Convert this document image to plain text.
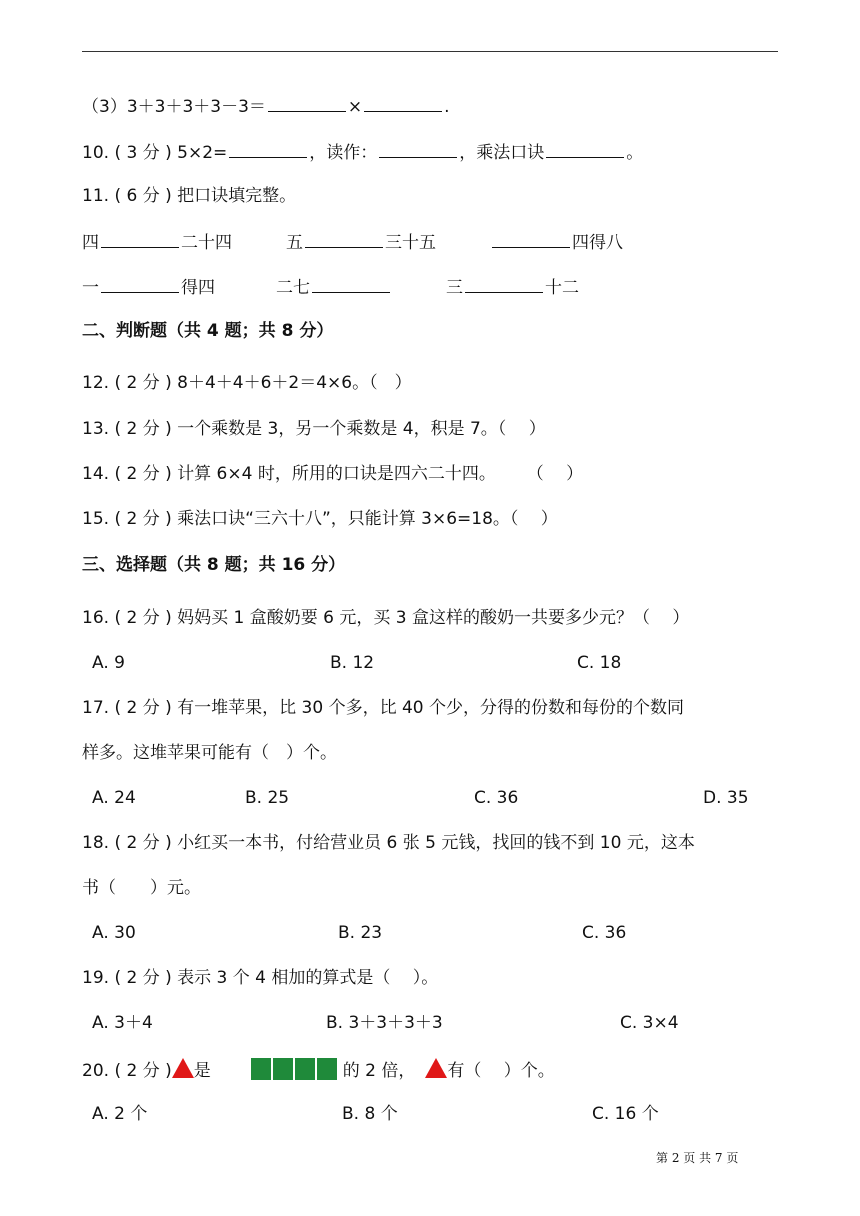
（3）3＋3＋3＋3－3＝	×	.
10. ( 3 分 ) 5×2=	，读作：	，乘法口诀	。
11. ( 6 分 ) 把口诀填完整。
四	二十四	五	三十五	四得八
一	得四	二七	三	十二
二、判断题（共 4 题；共 8 分）
12. ( 2 分 ) 8＋4＋4＋6＋2＝4×6。（　）
13. ( 2 分 ) 一个乘数是 3，另一个乘数是 4，积是 7。（　 ）
14. ( 2 分 ) 计算 6×4 时，所用的口诀是四六二十四。　　 （　 ）
15. ( 2 分 ) 乘法口诀“三六十八”，只能计算 3×6=18。（　 ）
三、选择题（共 8 题；共 16 分）
16. ( 2 分 ) 妈妈买 1 盒酸奶要 6 元，买 3 盒这样的酸奶一共要多少元？（　 ）
A. 9	B. 12	C. 18
17. ( 2 分 ) 有一堆苹果，比 30 个多，比 40 个少，分得的份数和每份的个数同
样多。这堆苹果可能有（　）个。
A. 24	B. 25	C. 36	D. 35
18. ( 2 分 ) 小红买一本书，付给营业员 6 张 5 元钱，找回的钱不到 10 元，这本
书（　　）元。
A. 30	B. 23	C. 36
19. ( 2 分 ) 表示 3 个 4 相加的算式是（　 ）。
A. 3＋4	B. 3＋3＋3＋3	C. 3×4
20. ( 2 分 ) 是	的 2 倍， 有（　 ）个。
A. 2 个	B. 8 个	C. 16 个
第 2 页 共 7 页
